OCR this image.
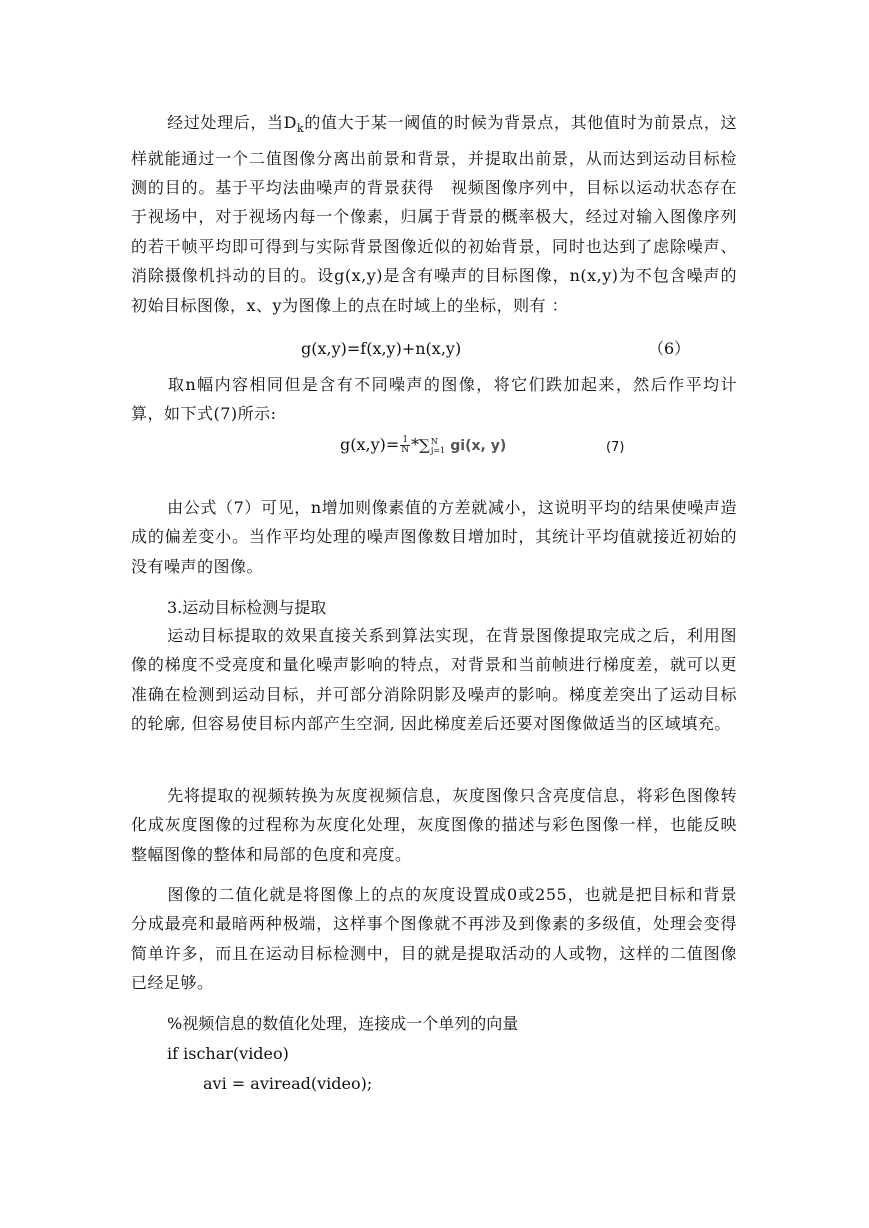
经过处理后，当$D_k$的值大于某一阈值的时候为背景点，其他值时为前景点，这样就能通过一个二值图像分离出前景和背景，并提取出前景，从而达到运动目标检测的目的。基于平均法曲噪声的背景获得　视频图像序列中，目标以运动状态存在于视场中，对于视场内每一个像素，归属于背景的概率极大，经过对输入图像序列的若干帧平均即可得到与实际背景图像近似的初始背景，同时也达到了虑除噪声、消除摄像机抖动的目的。设g(x,y)是含有噪声的目标图像，n(x,y)为不包含噪声的初始目标图像，x、y为图像上的点在时域上的坐标，则有 ：

g(x,y)=f(x,y)+n(x,y)	（6）

取n幅内容相同但是含有不同噪声的图像，将它们跌加起来，然后作平均计算，如下式(7)所示:

$g(x,y)= \frac{1}{N}$ *∑ N
j=1 gi(x, y)	(7)

由公式（7）可见，n增加则像素值的方差就减小，这说明平均的结果使噪声造成的偏差变小。当作平均处理的噪声图像数目增加时，其统计平均值就接近初始的没有噪声的图像。

3.运动目标检测与提取

运动目标提取的效果直接关系到算法实现，在背景图像提取完成之后，利用图像的梯度不受亮度和量化噪声影响的特点，对背景和当前帧进行梯度差，就可以更准确在检测到运动目标，并可部分消除阴影及噪声的影响。梯度差突出了运动目标的轮廓, 但容易使目标内部产生空洞, 因此梯度差后还要对图像做适当的区域填充。

先将提取的视频转换为灰度视频信息，灰度图像只含亮度信息，将彩色图像转化成灰度图像的过程称为灰度化处理，灰度图像的描述与彩色图像一样，也能反映整幅图像的整体和局部的色度和亮度。

图像的二值化就是将图像上的点的灰度设置成0或255，也就是把目标和背景分成最亮和最暗两种极端，这样事个图像就不再涉及到像素的多级值，处理会变得简单许多，而且在运动目标检测中，目的就是提取活动的人或物，这样的二值图像已经足够。

%视频信息的数值化处理，连接成一个单列的向量
if ischar(video)
avi = aviread(video);
